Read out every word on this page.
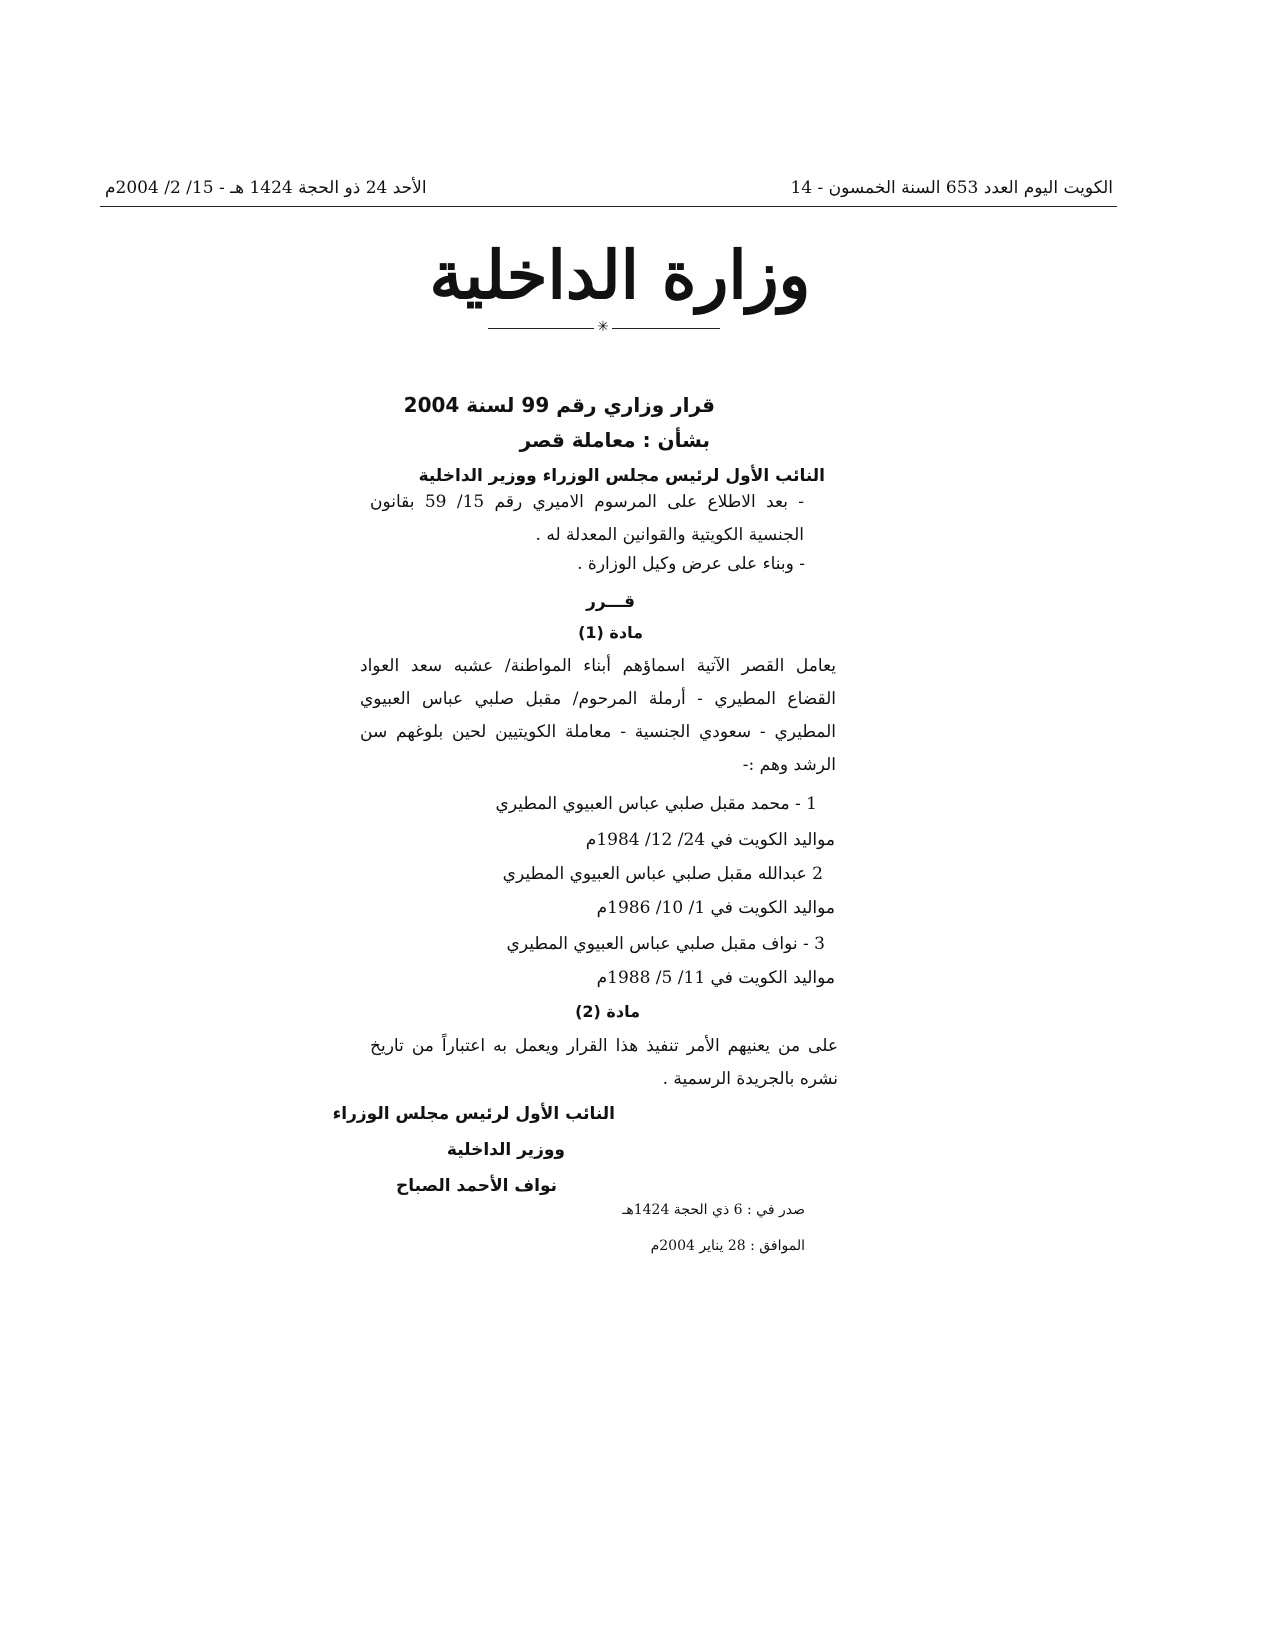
الكويت اليوم العدد 653 السنة الخمسون - 14
الأحد 24 ذو الحجة 1424 هـ - 15/ 2/ 2004م
وزارة الداخلية
✳
قرار وزاري رقم 99 لسنة 2004
بشأن : معاملة قصر
النائب الأول لرئيس مجلس الوزراء ووزير الداخلية
- بعد الاطلاع على المرسوم الاميري رقم 15/ 59 بقانون الجنسية الكويتية والقوانين المعدلة له .
- وبناء على عرض وكيل الوزارة .
قـــرر
مادة (1)
يعامل القصر الآتية اسماؤهم أبناء المواطنة/ عشبه سعد العواد القضاع المطيري - أرملة المرحوم/ مقبل صلبي عباس العبيوي المطيري - سعودي الجنسية - معاملة الكويتيين لحين بلوغهم سن الرشد وهم :-
1 - محمد مقبل صلبي عباس العبيوي المطيري
مواليد الكويت في 24/ 12/ 1984م
2 عبدالله مقبل صلبي عباس العبيوي المطيري
مواليد الكويت في 1/ 10/ 1986م
3 - نواف مقبل صلبي عباس العبيوي المطيري
مواليد الكويت في 11/ 5/ 1988م
مادة (2)
على من يعنيهم الأمر تنفيذ هذا القرار ويعمل به اعتباراً من تاريخ نشره بالجريدة الرسمية .
النائب الأول لرئيس مجلس الوزراء
ووزير الداخلية
نواف الأحمد الصباح
صدر في : 6 ذي الحجة 1424هـ
الموافق : 28 يناير 2004م
